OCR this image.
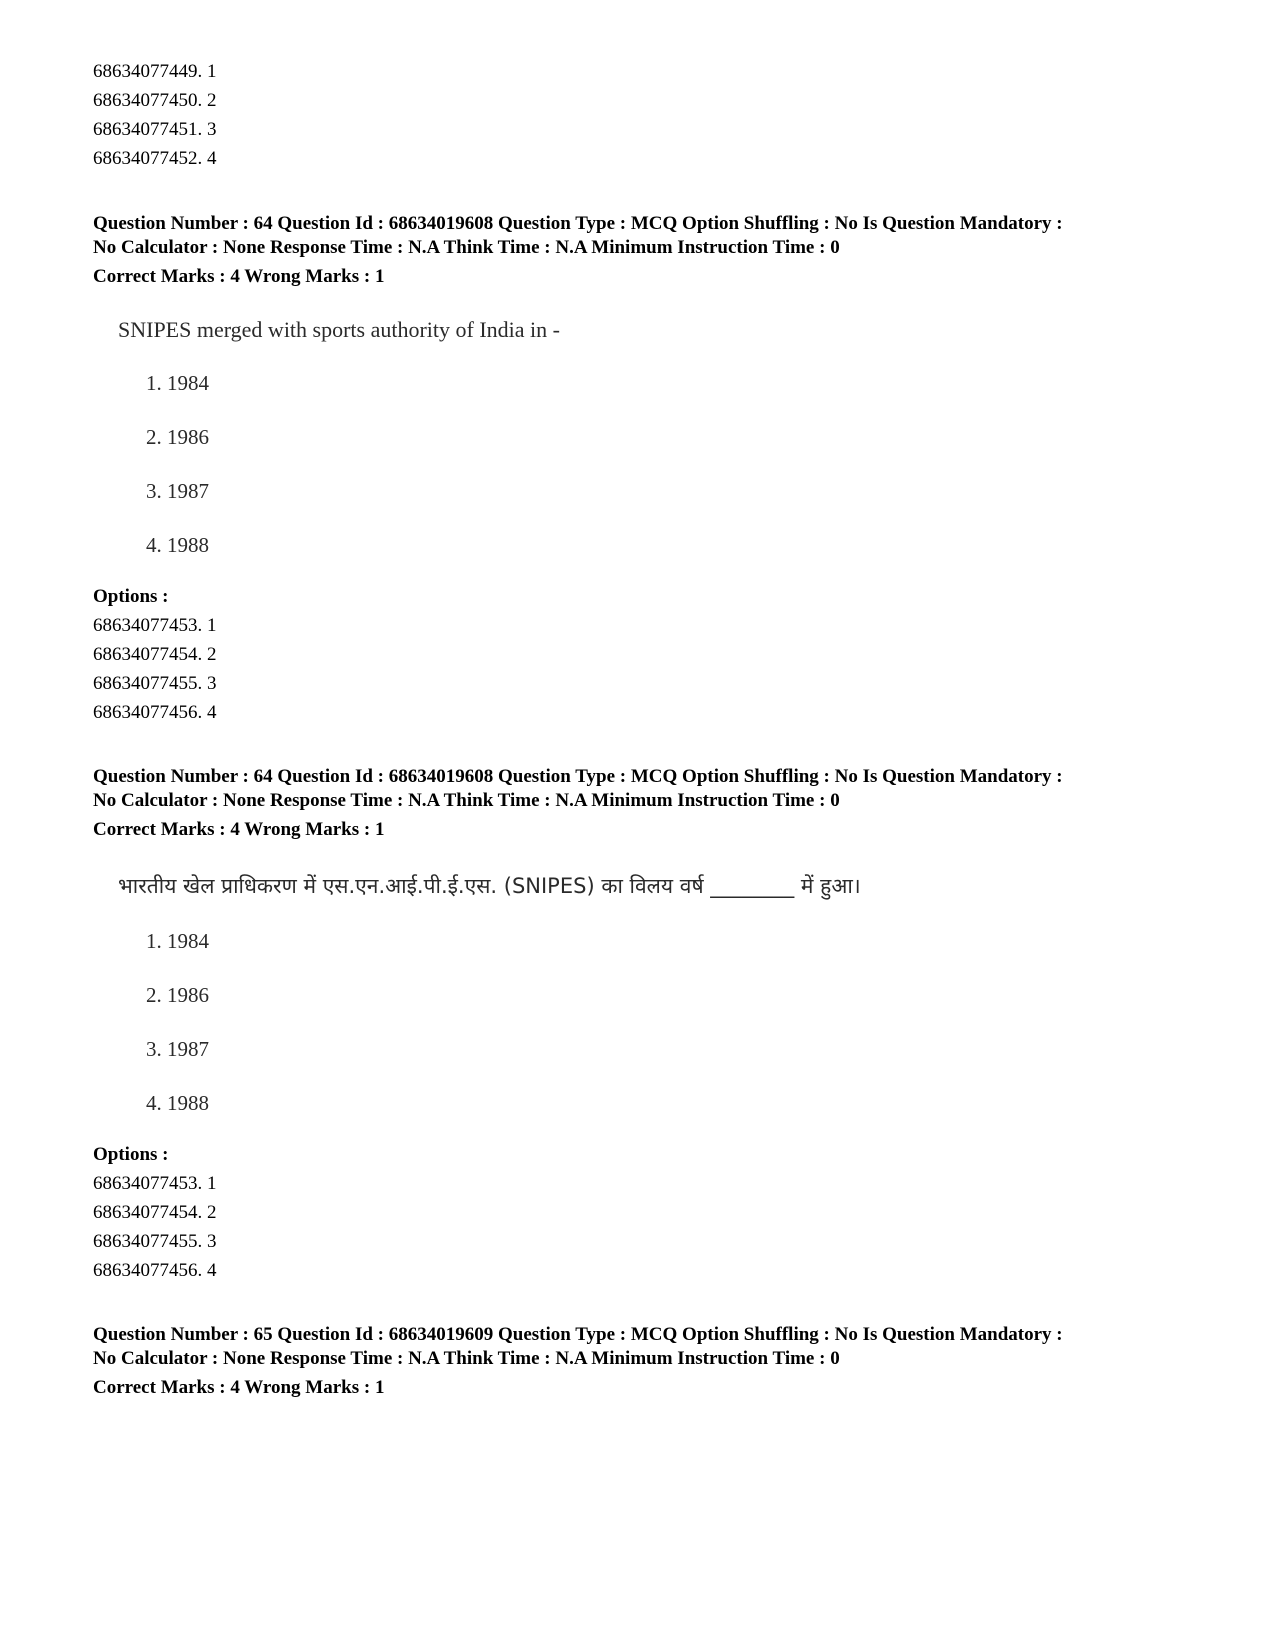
68634077449. 1
68634077450. 2
68634077451. 3
68634077452. 4
Question Number : 64 Question Id : 68634019608 Question Type : MCQ Option Shuffling : No Is Question Mandatory :
No Calculator : None Response Time : N.A Think Time : N.A Minimum Instruction Time : 0
Correct Marks : 4 Wrong Marks : 1
SNIPES merged with sports authority of India in -
1. 1984
2. 1986
3. 1987
4. 1988
Options :
68634077453. 1
68634077454. 2
68634077455. 3
68634077456. 4
Question Number : 64 Question Id : 68634019608 Question Type : MCQ Option Shuffling : No Is Question Mandatory :
No Calculator : None Response Time : N.A Think Time : N.A Minimum Instruction Time : 0
Correct Marks : 4 Wrong Marks : 1
भारतीय खेल प्राधिकरण में एस.एन.आई.पी.ई.एस. (SNIPES) का विलय वर्ष ________ में हुआ।
1. 1984
2. 1986
3. 1987
4. 1988
Options :
68634077453. 1
68634077454. 2
68634077455. 3
68634077456. 4
Question Number : 65 Question Id : 68634019609 Question Type : MCQ Option Shuffling : No Is Question Mandatory :
No Calculator : None Response Time : N.A Think Time : N.A Minimum Instruction Time : 0
Correct Marks : 4 Wrong Marks : 1
